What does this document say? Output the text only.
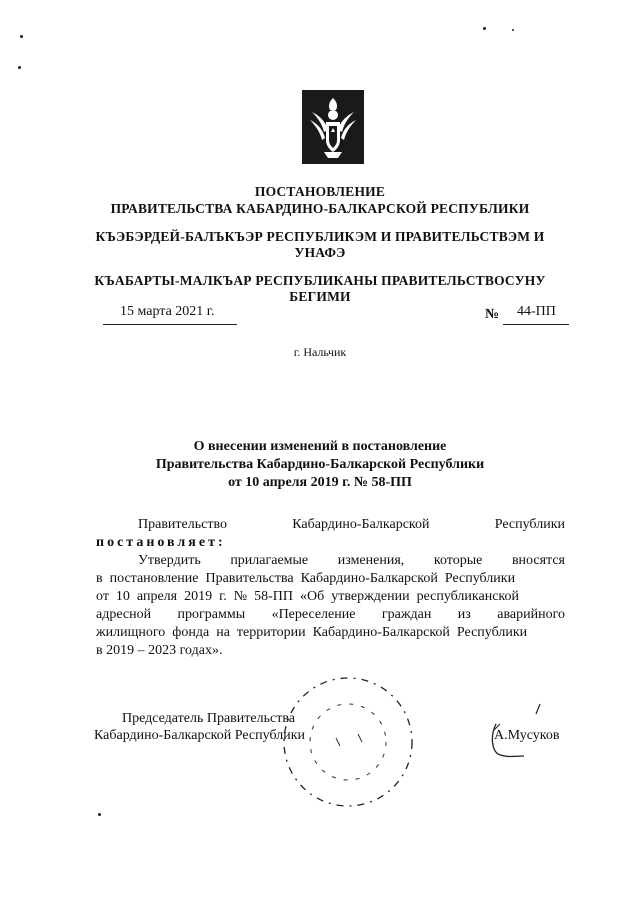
ПОСТАНОВЛЕНИЕ
ПРАВИТЕЛЬСТВА КАБАРДИНО-БАЛКАРСКОЙ РЕСПУБЛИКИ
КЪЭБЭРДЕЙ-БАЛЪКЪЭР РЕСПУБЛИКЭМ И ПРАВИТЕЛЬСТВЭМ И
УНАФЭ
КЪАБАРТЫ-МАЛКЪАР РЕСПУБЛИКАНЫ ПРАВИТЕЛЬСТВОСУНУ
БЕГИМИ
15 марта 2021 г.	№ 44-ПП
г. Нальчик
О внесении изменений в постановление
Правительства Кабардино-Балкарской Республики
от 10 апреля 2019 г. № 58-ПП
Правительство	Кабардино-Балкарской	Республики
постановляет:
Утвердить прилагаемые изменения, которые вносятся
в  постановление  Правительства  Кабардино-Балкарской  Республики
от  10  апреля  2019  г.  №  58-ПП  «Об  утверждении  республиканской
адресной программы «Переселение граждан из аварийного
жилищного  фонда  на  территории  Кабардино-Балкарской  Республики
в 2019 – 2023 годах».
Председатель Правительства
Кабардино-Балкарской Республики	А.Мусуков
